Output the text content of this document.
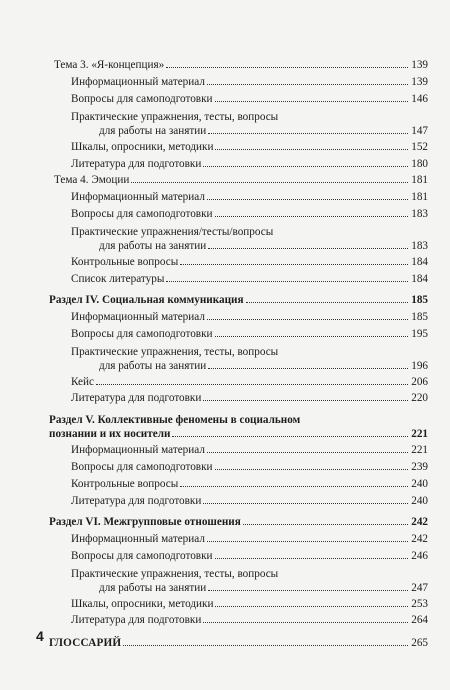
Тема 3. «Я-концепция»	139
Информационный материал	139
Вопросы для самоподготовки	146
Практические упражнения, тесты, вопросы
для работы на занятии	147
Шкалы, опросники, методики	152
Литература для подготовки	180
Тема 4. Эмоции	181
Информационный материал	181
Вопросы для самоподготовки	183
Практические упражнения/тесты/вопросы
для работы на занятии	183
Контрольные вопросы	184
Список литературы	184
Раздел IV. Социальная коммуникация	185
Информационный материал	185
Вопросы для самоподготовки	195
Практические упражнения, тесты, вопросы
для работы на занятии	196
Кейс	206
Литература для подготовки	220
Раздел V. Коллективные феномены в социальном
познании и их носители	221
Информационный материал	221
Вопросы для самоподготовки	239
Контрольные вопросы	240
Литература для подготовки	240
Раздел VI. Межгрупповые отношения	242
Информационный материал	242
Вопросы для самоподготовки	246
Практические упражнения, тесты, вопросы
для работы на занятии	247
Шкалы, опросники, методики	253
Литература для подготовки	264
ГЛОССАРИЙ	265
4
